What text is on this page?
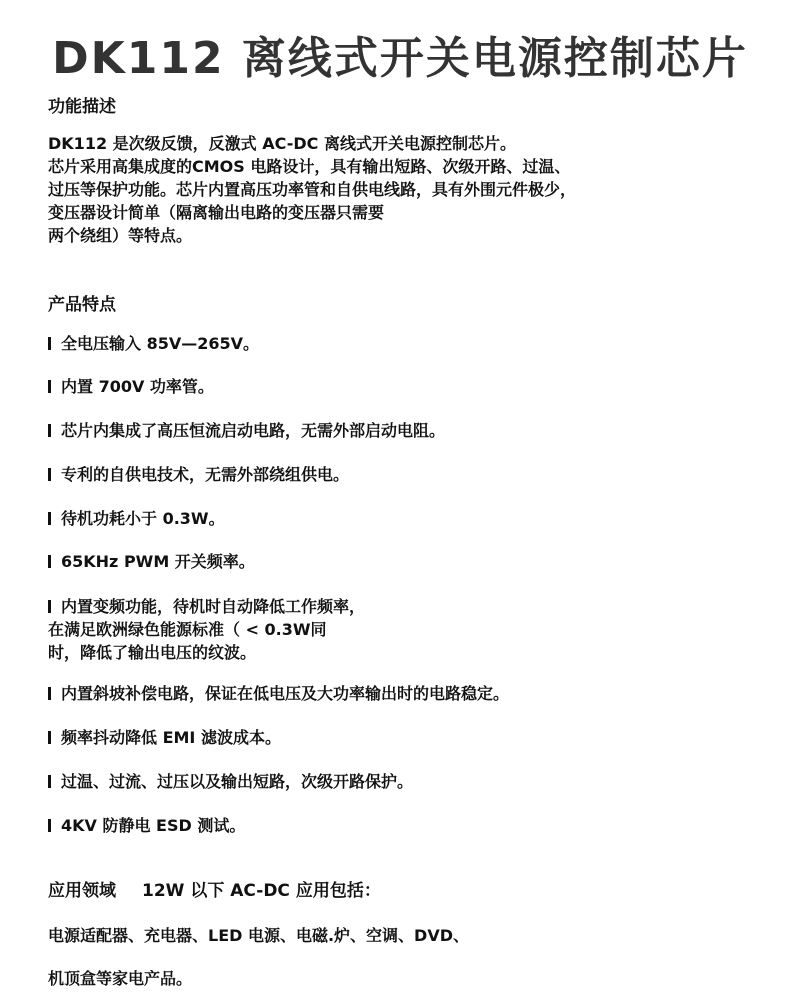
DK112 离线式开关电源控制芯片
功能描述
DK112 是次级反馈，反激式 AC-DC 离线式开关电源控制芯片。
芯片采用高集成度的CMOS 电路设计，具有输出短路、次级开路、过温、
过压等保护功能。芯片内置高压功率管和自供电线路，具有外围元件极少，
变压器设计简单（隔离输出电路的变压器只需要
两个绕组）等特点。
产品特点
全电压输入 85V—265V。
内置 700V 功率管。
芯片内集成了高压恒流启动电路，无需外部启动电阻。
专利的自供电技术，无需外部绕组供电。
待机功耗小于 0.3W。
65KHz PWM 开关频率。
内置变频功能，待机时自动降低工作频率，
在满足欧洲绿色能源标准（ < 0.3W同
时，降低了输出电压的纹波。
内置斜坡补偿电路，保证在低电压及大功率输出时的电路稳定。
频率抖动降低 EMI 滤波成本。
过温、过流、过压以及输出短路，次级开路保护。
4KV 防静电 ESD 测试。
应用领域 12W 以下 AC-DC 应用包括：
电源适配器、充电器、LED 电源、电磁.炉、空调、DVD、
机顶盒等家电产品。
